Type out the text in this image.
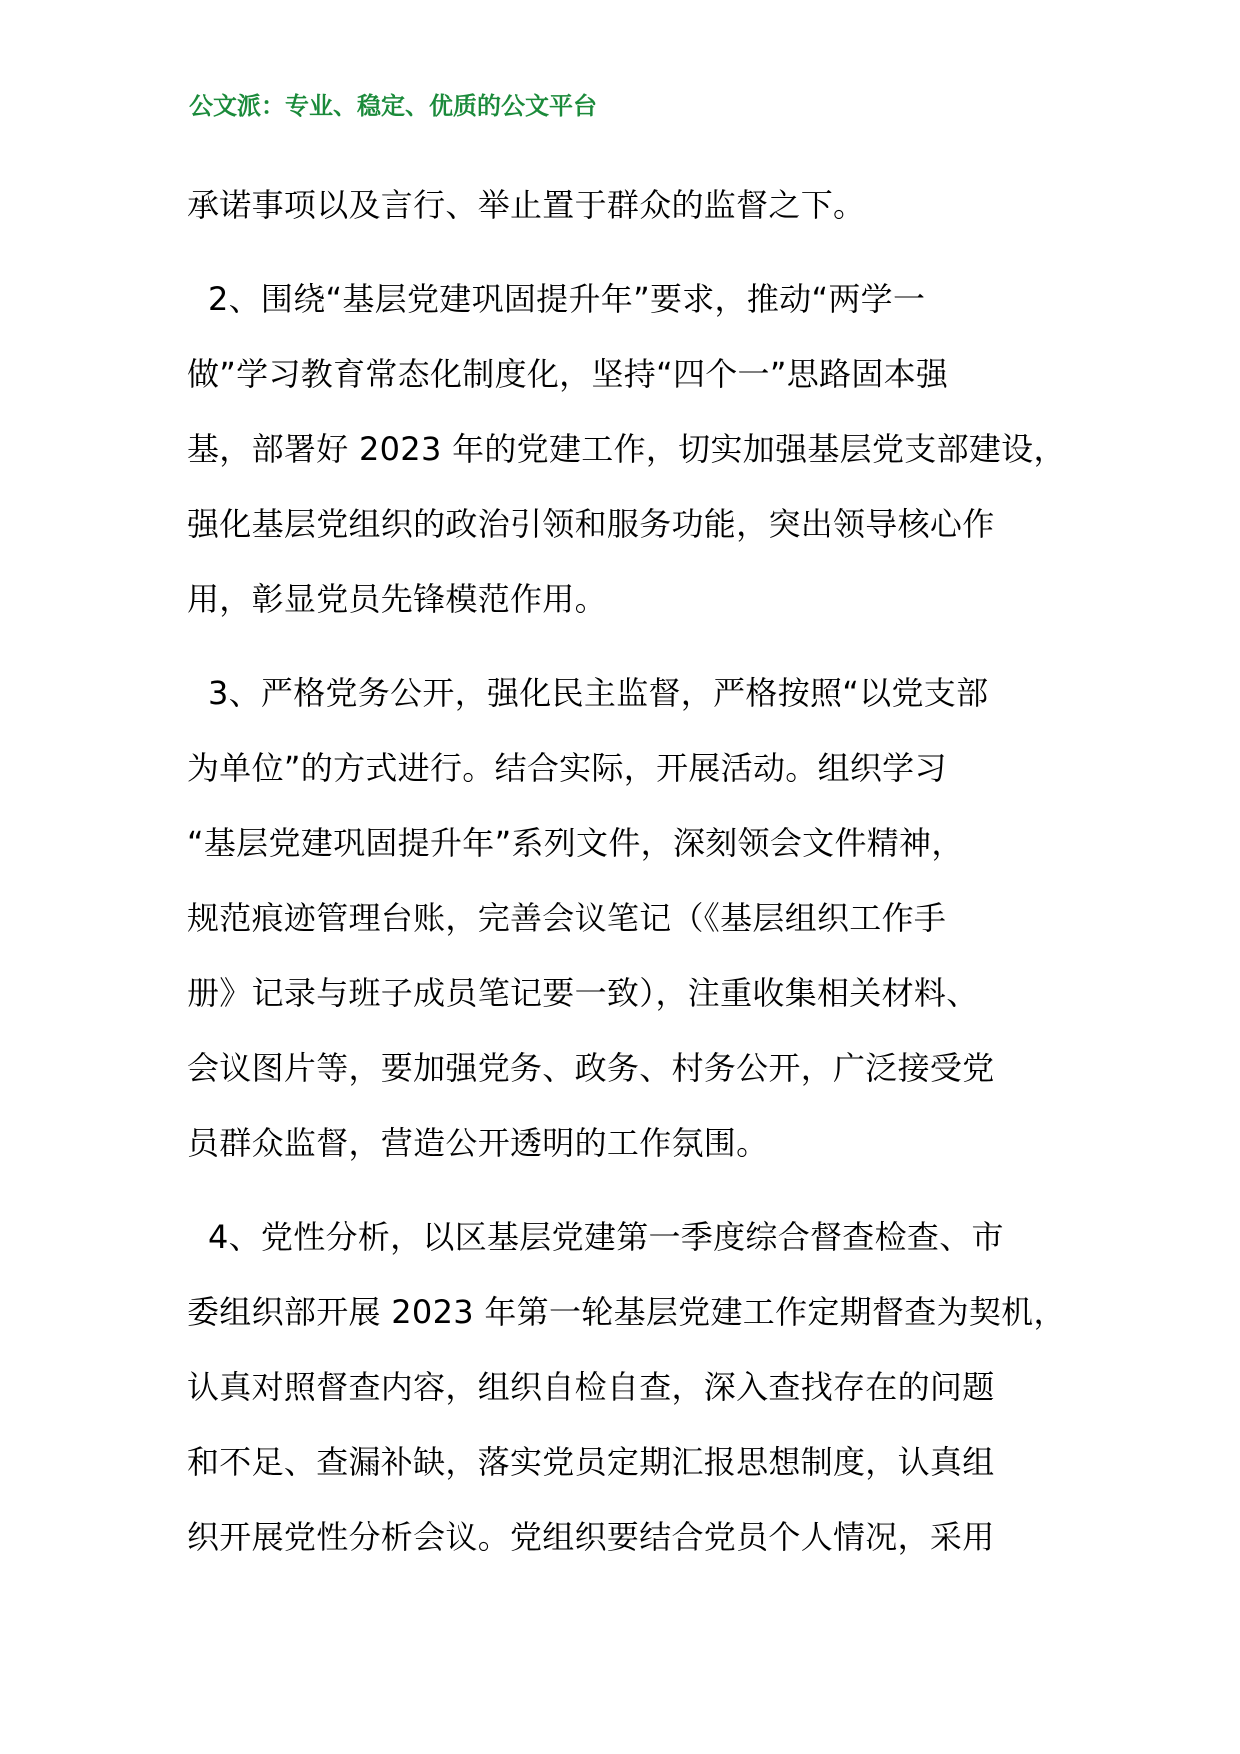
公文派：专业、稳定、优质的公文平台
承诺事项以及言行、举止置于群众的监督之下。
2、围绕“基层党建巩固提升年”要求，推动“两学一
做”学习教育常态化制度化，坚持“四个一”思路固本强
基，部署好 2023 年的党建工作，切实加强基层党支部建设，
强化基层党组织的政治引领和服务功能，突出领导核心作
用，彰显党员先锋模范作用。
3、严格党务公开，强化民主监督，严格按照“以党支部
为单位”的方式进行。结合实际，开展活动。组织学习
“基层党建巩固提升年”系列文件，深刻领会文件精神，
规范痕迹管理台账，完善会议笔记（《基层组织工作手
册》记录与班子成员笔记要一致），注重收集相关材料、
会议图片等，要加强党务、政务、村务公开，广泛接受党
员群众监督，营造公开透明的工作氛围。
4、党性分析，以区基层党建第一季度综合督查检查、市
委组织部开展 2023 年第一轮基层党建工作定期督查为契机，
认真对照督查内容，组织自检自查，深入查找存在的问题
和不足、查漏补缺，落实党员定期汇报思想制度，认真组
织开展党性分析会议。党组织要结合党员个人情况，采用
